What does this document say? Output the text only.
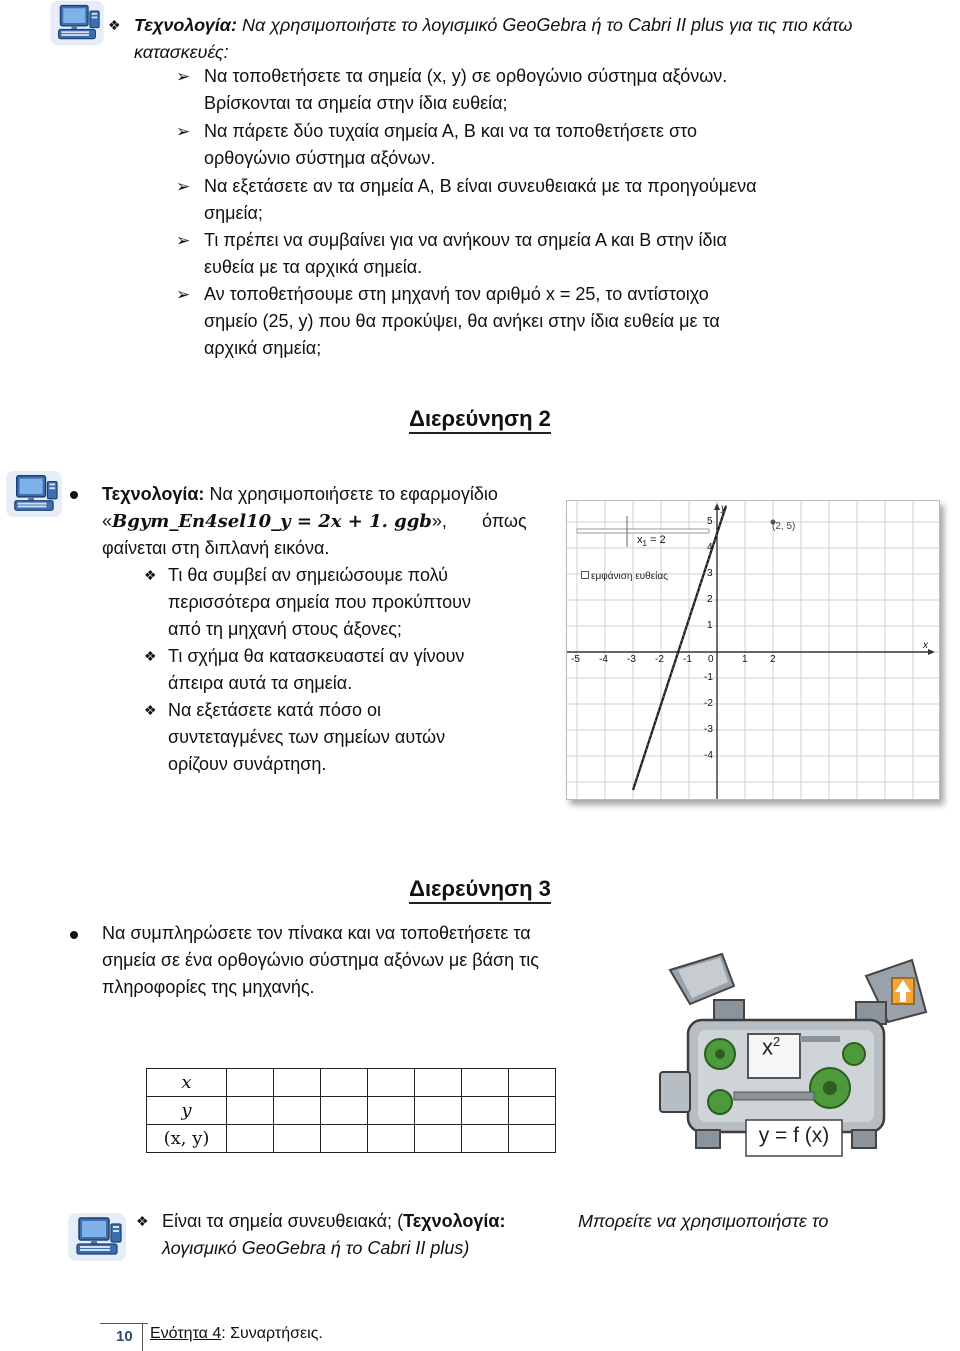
❖ Τεχνολογία: Να χρησιμοποιήστε το λογισμικό GeoGebra ή το Cabri II plus για τις πιο κάτω κατασκευές:
➢ Να τοποθετήσετε τα σημεία (x, y) σε ορθογώνιο σύστημα αξόνων.
Βρίσκονται τα σημεία στην ίδια ευθεία;
➢ Να πάρετε δύο τυχαία σημεία Α, Β και να τα τοποθετήσετε στο
ορθογώνιο σύστημα αξόνων.
➢ Να εξετάσετε αν τα σημεία Α, Β είναι συνευθειακά με τα προηγούμενα
σημεία;
➢ Τι πρέπει να συμβαίνει για να ανήκουν τα σημεία Α και Β στην ίδια
ευθεία με τα αρχικά σημεία.
➢ Αν τοποθετήσουμε στη μηχανή τον αριθμό x = 25, το αντίστοιχο
σημείο (25, y) που θα προκύψει, θα ανήκει στην ίδια ευθεία με τα
αρχικά σημεία;
Διερεύνηση 2
Τεχνολογία: Να χρησιμοποιήσετε το εφαρμογίδιο
«Bgym_En4sel10_y = 2x + 1. ggb»,	όπως
φαίνεται στη διπλανή εικόνα.
❖ Τι θα συμβεί αν σημειώσουμε πολύ
περισσότερα σημεία που προκύπτουν
από τη μηχανή στους άξονες;
❖ Τι σχήμα θα κατασκευαστεί αν γίνουν
άπειρα αυτά τα σημεία.
❖ Να εξετάσετε κατά πόσο οι
συντεταγμένες των σημείων αυτών
ορίζουν συνάρτηση.
$x_1 = 2$
εμφάνιση ευθείας
(2, 5)
x
y
-5 -4 -3 -2 -1 0	1 2
5
4
3
2
1
-1
-2
-3
-4
Διερεύνηση 3
Να συμπληρώσετε τον πίνακα και να τοποθετήσετε τα
σημεία σε ένα ορθογώνιο σύστημα αξόνων με βάση τις
πληροφορίες της μηχανής.
x							
y							
(x, y)							
$x^2$
y = f (x)
❖ Είναι τα σημεία συνευθειακά; (Τεχνολογία:	Μπορείτε να χρησιμοποιήστε το
λογισμικό GeoGebra ή το Cabri II plus)
10 Ενότητα 4: Συναρτήσεις.
